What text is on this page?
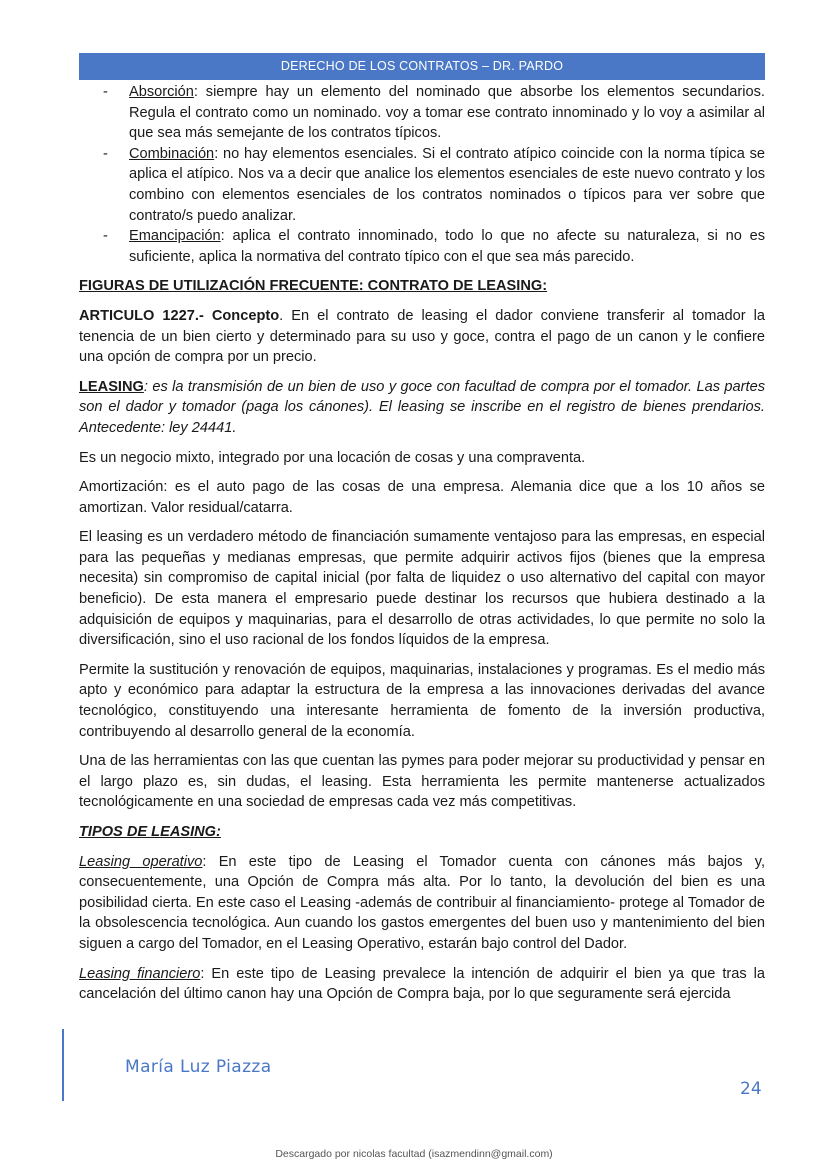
DERECHO DE LOS CONTRATOS – DR. PARDO
- Absorción: siempre hay un elemento del nominado que absorbe los elementos secundarios. Regula el contrato como un nominado. voy a tomar ese contrato innominado y lo voy a asimilar al que sea más semejante de los contratos típicos.
- Combinación: no hay elementos esenciales. Si el contrato atípico coincide con la norma típica se aplica el atípico. Nos va a decir que analice los elementos esenciales de este nuevo contrato y los combino con elementos esenciales de los contratos nominados o típicos para ver sobre que contrato/s puedo analizar.
- Emancipación: aplica el contrato innominado, todo lo que no afecte su naturaleza, si no es suficiente, aplica la normativa del contrato típico con el que sea más parecido.

FIGURAS DE UTILIZACIÓN FRECUENTE: CONTRATO DE LEASING:

ARTICULO 1227.- Concepto. En el contrato de leasing el dador conviene transferir al tomador la tenencia de un bien cierto y determinado para su uso y goce, contra el pago de un canon y le confiere una opción de compra por un precio.

LEASING: es la transmisión de un bien de uso y goce con facultad de compra por el tomador. Las partes son el dador y tomador (paga los cánones). El leasing se inscribe en el registro de bienes prendarios. Antecedente: ley 24441.

Es un negocio mixto, integrado por una locación de cosas y una compraventa.

Amortización: es el auto pago de las cosas de una empresa. Alemania dice que a los 10 años se amortizan. Valor residual/catarra.

El leasing es un verdadero método de financiación sumamente ventajoso para las empresas, en especial para las pequeñas y medianas empresas, que permite adquirir activos fijos (bienes que la empresa necesita) sin compromiso de capital inicial (por falta de liquidez o uso alternativo del capital con mayor beneficio). De esta manera el empresario puede destinar los recursos que hubiera destinado a la adquisición de equipos y maquinarias, para el desarrollo de otras actividades, lo que permite no solo la diversificación, sino el uso racional de los fondos líquidos de la empresa.

Permite la sustitución y renovación de equipos, maquinarias, instalaciones y programas. Es el medio más apto y económico para adaptar la estructura de la empresa a las innovaciones derivadas del avance tecnológico, constituyendo una interesante herramienta de fomento de la inversión productiva, contribuyendo al desarrollo general de la economía.

Una de las herramientas con las que cuentan las pymes para poder mejorar su productividad y pensar en el largo plazo es, sin dudas, el leasing. Esta herramienta les permite mantenerse actualizados tecnológicamente en una sociedad de empresas cada vez más competitivas.

TIPOS DE LEASING:

Leasing operativo: En este tipo de Leasing el Tomador cuenta con cánones más bajos y, consecuentemente, una Opción de Compra más alta. Por lo tanto, la devolución del bien es una posibilidad cierta. En este caso el Leasing -además de contribuir al financiamiento- protege al Tomador de la obsolescencia tecnológica. Aun cuando los gastos emergentes del buen uso y mantenimiento del bien siguen a cargo del Tomador, en el Leasing Operativo, estarán bajo control del Dador.

Leasing financiero: En este tipo de Leasing prevalece la intención de adquirir el bien ya que tras la cancelación del último canon hay una Opción de Compra baja, por lo que seguramente será ejercida

María Luz Piazza
24
Descargado por nicolas facultad (isazmendinn@gmail.com)
